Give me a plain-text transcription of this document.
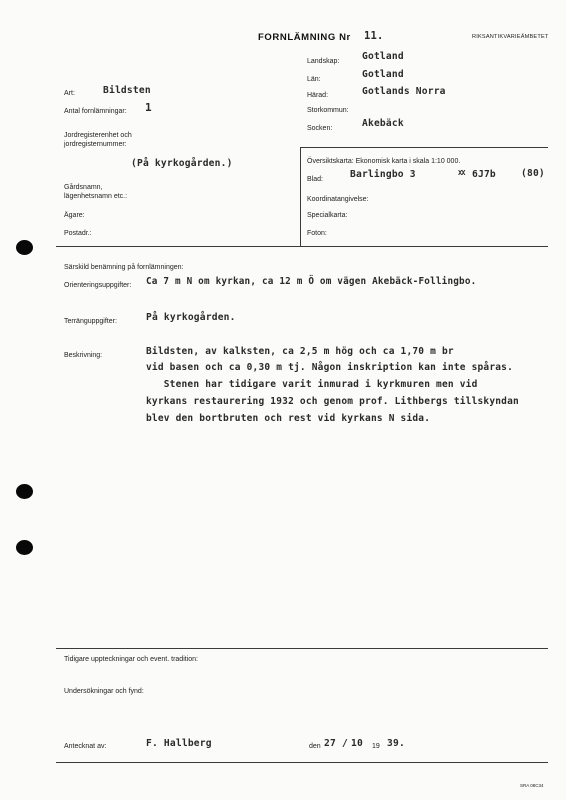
FORNLÄMNING Nr 11.	RIKSANTIKVARIEÄMBETET
Landskap: Gotland
Län:	Gotland
Härad:	Gotlands Norra
Storkommun:
Socken:	Akebäck
Art:	Bildsten
Antal fornlämningar: 1
Jordregisterenhet och
jordregisternummer:
(På kyrkogården.)
Gårdsnamn,
lägenhetsnamn etc.:
Ägare:
Postadr.:
Översiktskarta: Ekonomisk karta i skala 1:10 000.
Blad:	Barlingbo 3	XX 6J7b	(80)
Koordinatangivelse:
Specialkarta:
Foton:
Särskild benämning på fornlämningen:
Orienteringsuppgifter: Ca 7 m N om kyrkan, ca 12 m Ö om vägen Akebäck-Follingbo.
Terränguppgifter:	På kyrkogården.
Beskrivning:	Bildsten, av kalksten, ca 2,5 m hög och ca 1,70 m br
vid basen och ca 0,30 m tj. Någon inskription kan inte spåras.
Stenen har tidigare varit inmurad i kyrkmuren men vid
kyrkans restaurering 1932 och genom prof. Lithbergs tillskyndan
blev den bortbruten och rest vid kyrkans N sida.
Tidigare uppteckningar och event. tradition:
Undersökningar och fynd:
Antecknat av:	F. Hallberg	den 27 / 10 19 39.
SRA 08C34
